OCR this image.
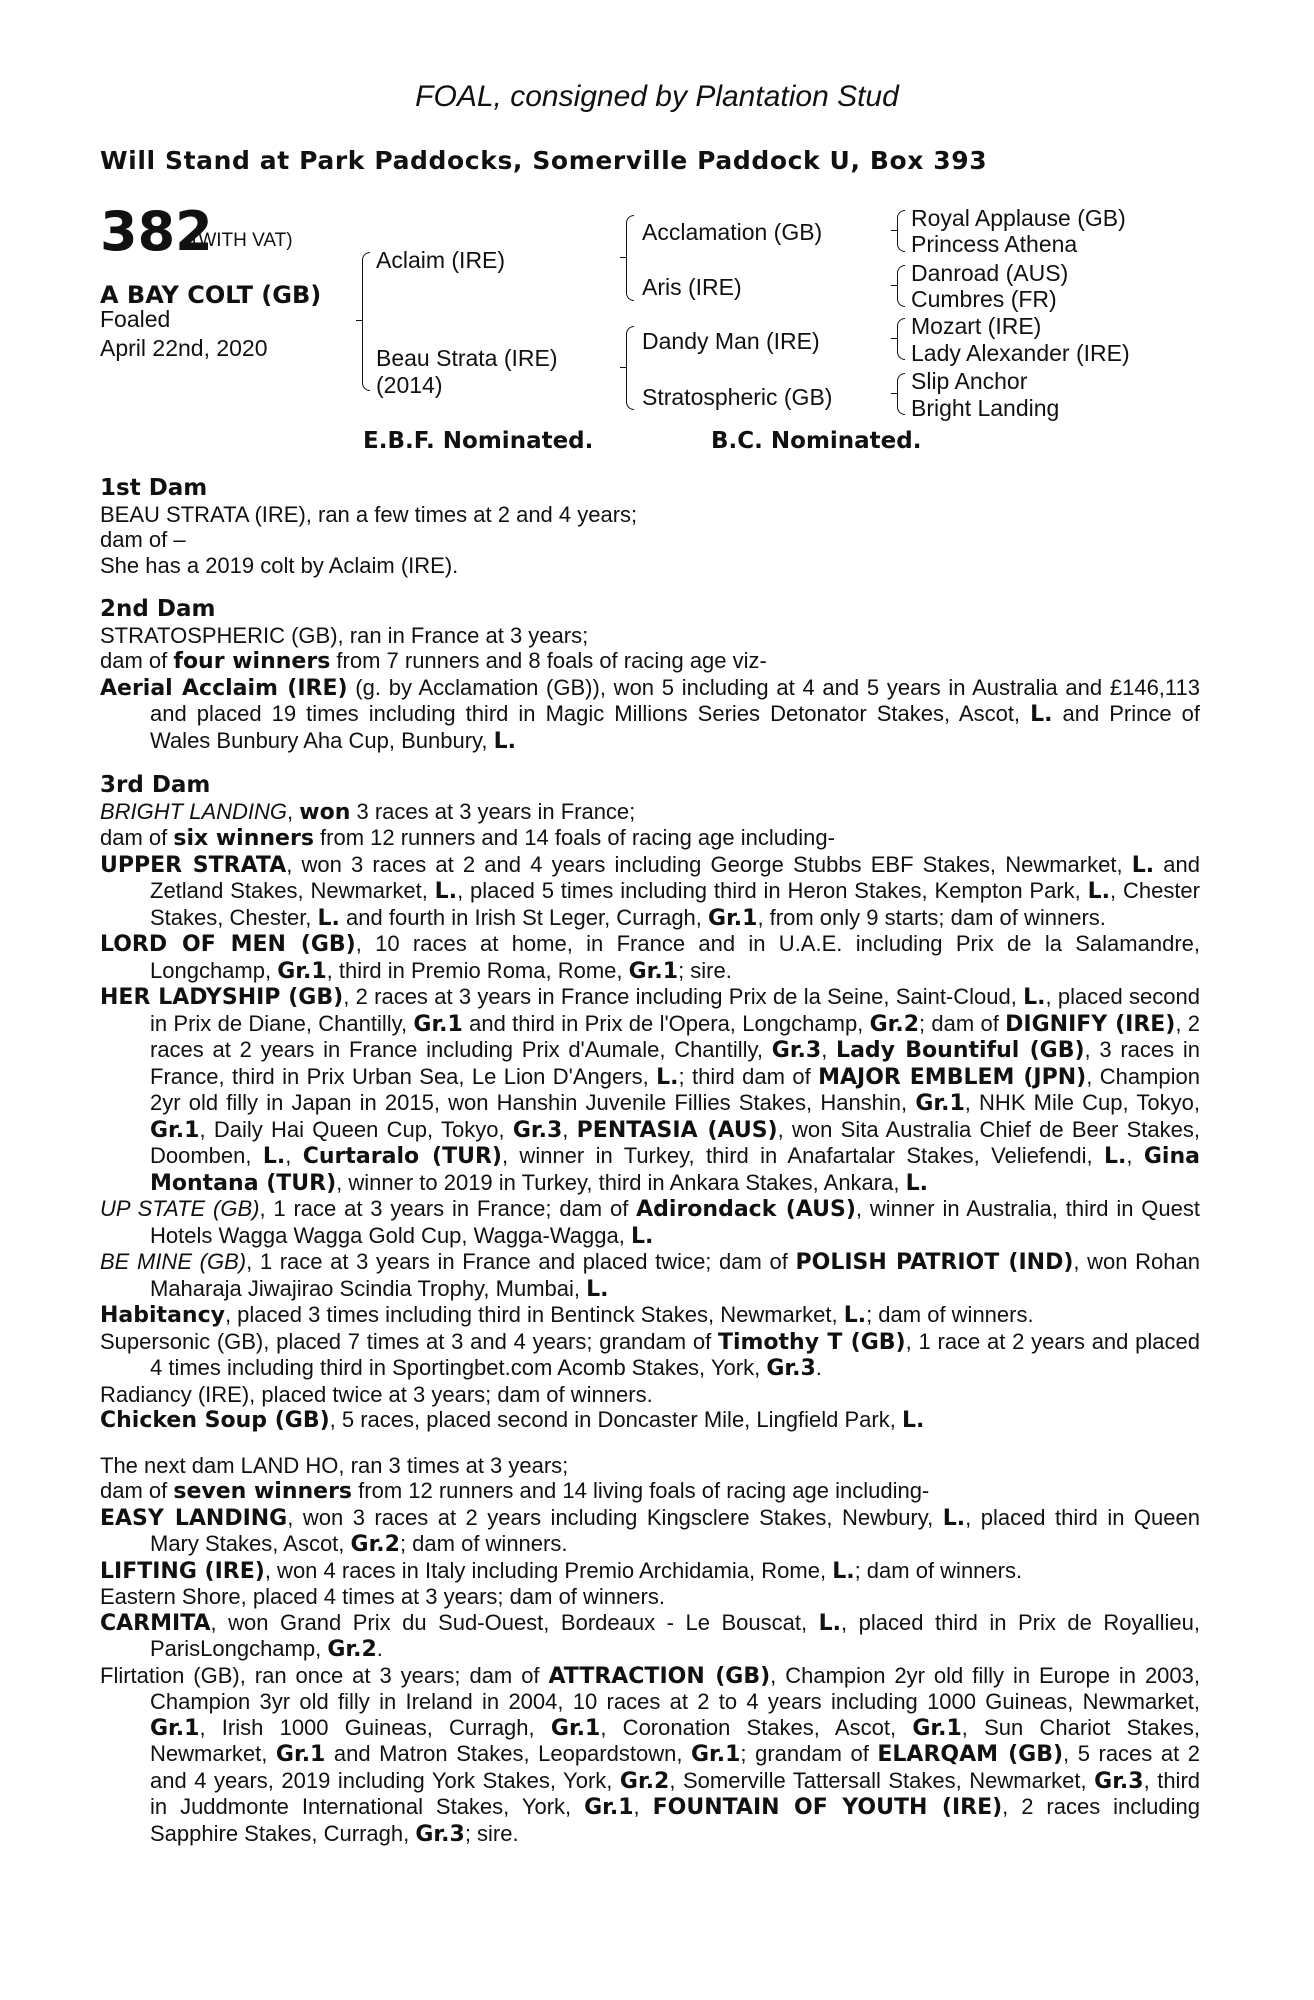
FOAL, consigned by Plantation Stud
Will Stand at Park Paddocks, Somerville Paddock U, Box 393
382
(WITH VAT)
A BAY COLT (GB)
Foaled
April 22nd, 2020
Aclaim (IRE)
Beau Strata (IRE)
(2014)
Acclamation (GB)
Aris (IRE)
Dandy Man (IRE)
Stratospheric (GB)
Royal Applause (GB)
Princess Athena
Danroad (AUS)
Cumbres (FR)
Mozart (IRE)
Lady Alexander (IRE)
Slip Anchor
Bright Landing
E.B.F. Nominated.	B.C. Nominated.

1st Dam

BEAU STRATA (IRE), ran a few times at 2 and 4 years;

dam of –

She has a 2019 colt by Aclaim (IRE).

2nd Dam

STRATOSPHERIC (GB), ran in France at 3 years;

dam of four winners from 7 runners and 8 foals of racing age viz-

Aerial Acclaim (IRE) (g. by Acclamation (GB)), won 5 including at 4 and 5 years in Australia and £146,113 and placed 19 times including third in Magic Millions Series Detonator Stakes, Ascot, L. and Prince of Wales Bunbury Aha Cup, Bunbury, L.

3rd Dam

BRIGHT LANDING, won 3 races at 3 years in France;

dam of six winners from 12 runners and 14 foals of racing age including-

UPPER STRATA, won 3 races at 2 and 4 years including George Stubbs EBF Stakes, Newmarket, L. and Zetland Stakes, Newmarket, L., placed 5 times including third in Heron Stakes, Kempton Park, L., Chester Stakes, Chester, L. and fourth in Irish St Leger, Curragh, Gr.1, from only 9 starts; dam of winners.

LORD OF MEN (GB), 10 races at home, in France and in U.A.E. including Prix de la Salamandre, Longchamp, Gr.1, third in Premio Roma, Rome, Gr.1; sire.

HER LADYSHIP (GB), 2 races at 3 years in France including Prix de la Seine, Saint-Cloud, L., placed second in Prix de Diane, Chantilly, Gr.1 and third in Prix de l'Opera, Longchamp, Gr.2; dam of DIGNIFY (IRE), 2 races at 2 years in France including Prix d'Aumale, Chantilly, Gr.3, Lady Bountiful (GB), 3 races in France, third in Prix Urban Sea, Le Lion D'Angers, L.; third dam of MAJOR EMBLEM (JPN), Champion 2yr old filly in Japan in 2015, won Hanshin Juvenile Fillies Stakes, Hanshin, Gr.1, NHK Mile Cup, Tokyo, Gr.1, Daily Hai Queen Cup, Tokyo, Gr.3, PENTASIA (AUS), won Sita Australia Chief de Beer Stakes, Doomben, L., Curtaralo (TUR), winner in Turkey, third in Anafartalar Stakes, Veliefendi, L., Gina Montana (TUR), winner to 2019 in Turkey, third in Ankara Stakes, Ankara, L.

UP STATE (GB), 1 race at 3 years in France; dam of Adirondack (AUS), winner in Australia, third in Quest Hotels Wagga Wagga Gold Cup, Wagga-Wagga, L.

BE MINE (GB), 1 race at 3 years in France and placed twice; dam of POLISH PATRIOT (IND), won Rohan Maharaja Jiwajirao Scindia Trophy, Mumbai, L.

Habitancy, placed 3 times including third in Bentinck Stakes, Newmarket, L.; dam of winners.

Supersonic (GB), placed 7 times at 3 and 4 years; grandam of Timothy T (GB), 1 race at 2 years and placed 4 times including third in Sportingbet.com Acomb Stakes, York, Gr.3.

Radiancy (IRE), placed twice at 3 years; dam of winners.

Chicken Soup (GB), 5 races, placed second in Doncaster Mile, Lingfield Park, L.

The next dam LAND HO, ran 3 times at 3 years;

dam of seven winners from 12 runners and 14 living foals of racing age including-

EASY LANDING, won 3 races at 2 years including Kingsclere Stakes, Newbury, L., placed third in Queen Mary Stakes, Ascot, Gr.2; dam of winners.

LIFTING (IRE), won 4 races in Italy including Premio Archidamia, Rome, L.; dam of winners.

Eastern Shore, placed 4 times at 3 years; dam of winners.

CARMITA, won Grand Prix du Sud-Ouest, Bordeaux - Le Bouscat, L., placed third in Prix de Royallieu, ParisLongchamp, Gr.2.

Flirtation (GB), ran once at 3 years; dam of ATTRACTION (GB), Champion 2yr old filly in Europe in 2003, Champion 3yr old filly in Ireland in 2004, 10 races at 2 to 4 years including 1000 Guineas, Newmarket, Gr.1, Irish 1000 Guineas, Curragh, Gr.1, Coronation Stakes, Ascot, Gr.1, Sun Chariot Stakes, Newmarket, Gr.1 and Matron Stakes, Leopardstown, Gr.1; grandam of ELARQAM (GB), 5 races at 2 and 4 years, 2019 including York Stakes, York, Gr.2, Somerville Tattersall Stakes, Newmarket, Gr.3, third in Juddmonte International Stakes, York, Gr.1, FOUNTAIN OF YOUTH (IRE), 2 races including Sapphire Stakes, Curragh, Gr.3; sire.
